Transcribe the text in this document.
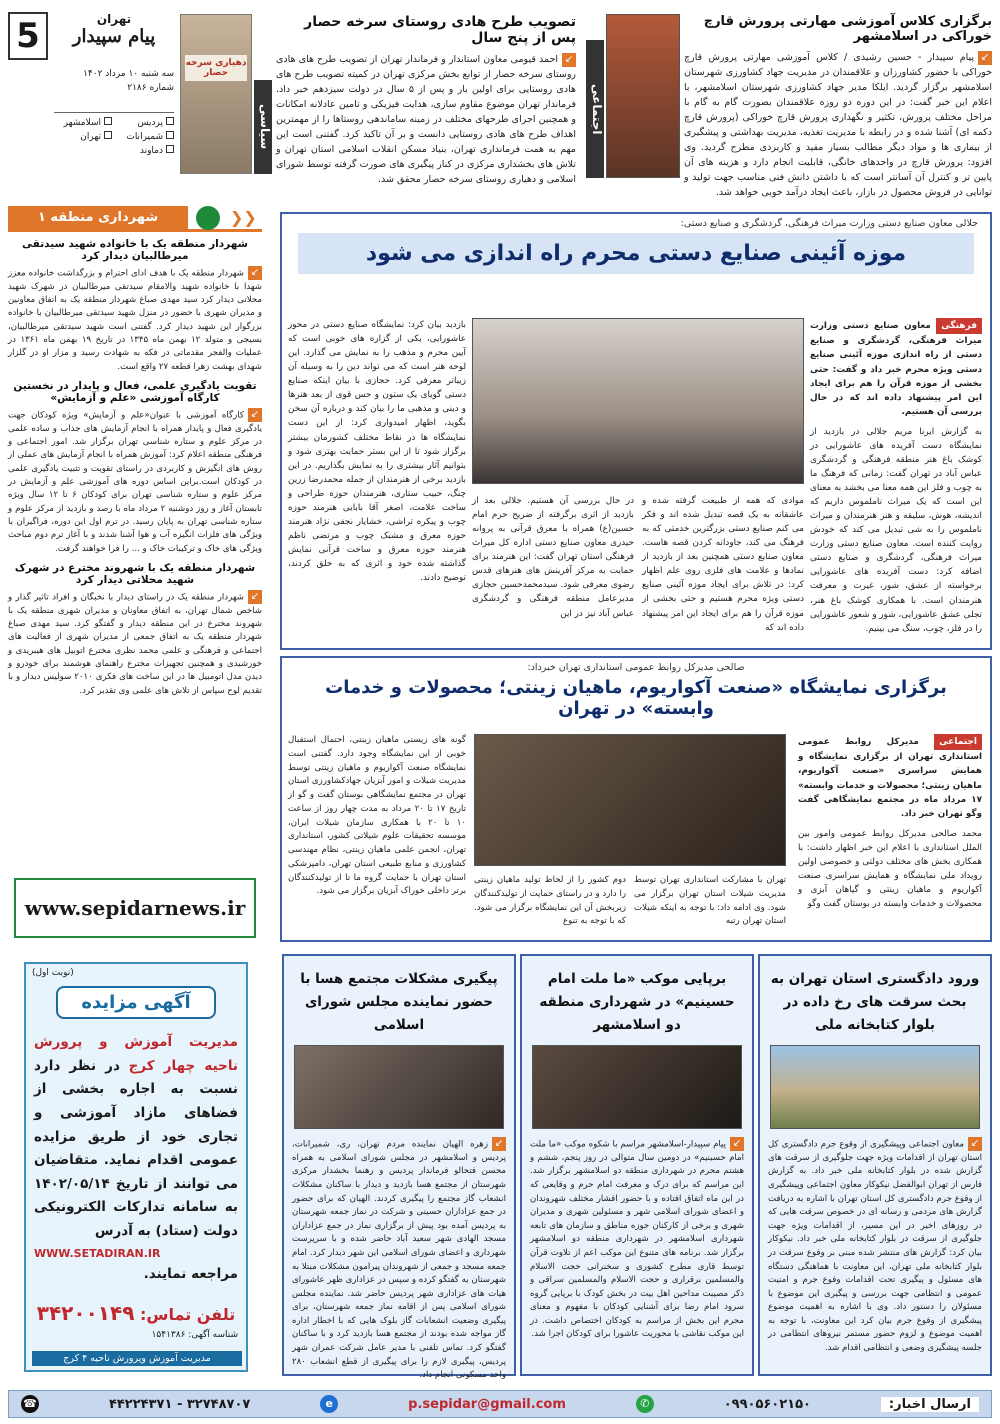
5	تهران
پیام سپیدار
سه شنبه ۱۰ مرداد ۱۴۰۲
شماره ۲۱۸۶
پردیس
اسلامشهر
شمیرانات
تهران
دماوند
دهیاری سرخه حصار
سیاسی
تصویب طرح هادی روستای سرخه حصار پس از پنج سال
↙احمد قیومی معاون استاندار و فرماندار تهران از تصویب طرح های هادی روستای سرخه حصار از توابع بخش مرکزی تهران در کمیته تصویب طرح های هادی روستایی برای اولین بار و پس از ۵ سال در دولت سیزدهم خبر داد. فرماندار تهران موضوع مقاوم سازی، هدایت فیزیکی و تامین عادلانه امکانات و همچنین اجرای طرحهای مختلف در زمینه ساماندهی روستاها را از مهمترین اهداف طرح های هادی روستایی دانست و بر آن تاکید کرد. گفتنی است این مهم به همت فرمانداری تهران، بنیاد مسکن انقلاب اسلامی استان تهران و تلاش های بخشداری مرکزی در کنار پیگیری های صورت گرفته توسط شورای اسلامی و دهیاری روستای سرخه حصار محقق شد.
برگزاری کلاس آموزشی مهارتی پرورش قارچ خوراکی در اسلامشهر
↙پیام سپیدار - حسین رشیدی / کلاس آموزشی مهارتی پرورش قارچ خوراکی با حضور کشاورزان و علاقمندان در مدیریت جهاد کشاورزی شهرستان اسلامشهر برگزار گردید. ایلکا مدیر جهاد کشاورزی شهرستان اسلامشهر، با اعلام این خبر گفت: در این دوره دو روزه علاقمندان بصورت گام به گام با مراحل مختلف پرورش، تکثیر و نگهداری پرورش قارچ خوراکی (پرورش قارچ دکمه ای) آشنا شده و در رابطه با مدیریت تغذیه، مدیریت بهداشتی و پیشگیری از بیماری ها و مواد دیگر مطالب بسیار مفید و کاربردی مطرح گردید. وی افزود: پرورش قارچ در واحدهای خانگی، قابلیت انجام دارد و هزینه های آن پایین تر و کنترل آن آسانتر است که با داشتن دانش فنی مناسب جهت تولید و توانایی در فروش محصول در بازار، باعث ایجاد درآمد خوبی خواهد شد.
اجتماعی
شهرداری منطقه ۱	❮❮
شهردار منطقه یک با خانواده شهید سیدتقی میرطالبیان دیدار کرد
↙شهردار منطقه یک با هدف ادای احترام و بزرگداشت خانواده معزز شهدا با خانواده شهید والامقام سیدتقی میرطالبیان در شهرک شهید محلاتی دیدار کرد سید مهدی صباغ شهردار منطقه یک به اتفاق معاونین و مدیران شهری با حضور در منزل شهید سیدتقی میرطالبیان با خانواده بزرگوار این شهید دیدار کرد. گفتنی است شهید سیدتقی میرطالبیان، بسیجی و متولد ۱۲ بهمن ماه ۱۳۴۵ در تاریخ ۱۹ بهمن ماه ۱۳۶۱ در عملیات والفجر مقدماتی در فکه به شهادت رسید و مزار او در گلزار شهدای بهشت زهرا قطعه ۲۷ واقع است.
تقویت یادگیری علمی، فعال و پایدار در نخستین کارگاه آموزشی «علم و آزمایش»
↙کارگاه آموزشی با عنوان«علم و آزمایش» ویژه کودکان جهت یادگیری فعال و پایدار همراه با انجام آزمایش های جذاب و ساده علمی در مرکز علوم و ستاره شناسی تهران برگزار شد. امور اجتماعی و فرهنگی منطقه اعلام کرد: آموزش همراه با انجام آزمایش های عملی از روش های انگیزش و کاربردی در راستای تقویت و تثبیت یادگیری علمی در کودکان است.براین اساس دوره های آموزشی علم و آزمایش در مرکز علوم و ستاره شناسی تهران برای کودکان ۶ تا ۱۲ سال ویژه تابستان آغاز و روز دوشنبه ۲ مرداد ماه با رصد و بازدید از مرکز علوم و ستاره شناسی تهران به پایان رسید. در ترم اول این دوره، فراگیران با ویژگی های فلزات انگیزه آب و هوا آشنا شدند و با آغاز ترم دوم مباحث ویژگی های خاک و ترکیبات خاک و ... را فرا خواهند گرفت.
شهردار منطقه یک با شهروند مخترع در شهرک شهید محلاتی دیدار کرد
↙شهردار منطقه یک در راستای دیدار با نخبگان و افراد تاثیر گذار و شاخص شمال تهران، به اتفاق معاونان و مدیران شهری منطقه یک با شهروند مخترع در این منطقه دیدار و گفتگو کرد. سید مهدی صباغ شهردار منطقه یک به اتفاق جمعی از مدیران شهری از فعالیت های اجتماعی و فرهنگی و علمی محمد نظری مخترع اتوبیل های هیبریدی و خورشیدی و همچنین تجهیزات مخترع راهنمای هوشمند برای خودرو و دیدن مدل اتومبیل ها در این ساخت های فکری ۲۰۱۰ سولیس دیدار و با تقدیم لوح سپاس از تلاش های علمی وی تقدیر کرد.
www.sepidarnews.ir
(نوبت اول)
آگهی مزایده
مدیریت آموزش و پرورش ناحیه چهار کرج در نظر دارد نسبت به اجاره بخشی از فضاهای مازاد آموزشی و تجاری خود از طریق مزایده عمومی اقدام نماید. متقاضیان می توانند از تاریخ ۱۴۰۲/۰۵/۱۴ به سامانه تدارکات الکترونیکی دولت (ستاد) به آدرس
WWW.SETADIRAN.IR
مراجعه نمایند.
تلفن تماس: ۳۴۲۰۰۱۴۹
شناسه آگهی: ۱۵۴۱۳۸۶
مدیریت آموزش وپرورش ناحیه ۴ کرج
جلالی معاون صنایع دستی وزارت میراث فرهنگی، گردشگری و صنایع دستی:
موزه آئینی صنایع دستی محرم راه اندازی می شود
فرهنگی معاون صنایع دستی وزارت میراث فرهنگی، گردشگری و صنایع دستی از راه اندازی موزه آئینی صنایع دستی ویژه محرم خبر داد و گفت: حتی بخشی از موزه قرآن را هم برای ایجاد این امر پیشنهاد داده اند که در حال بررسی آن هستیم.
به گزارش ایرنا مریم جلالی در بازدید از نمایشگاه دست آفریده های عاشورایی در کوشک باغ هنر منطقه فرهنگی و گردشگری عباس آباد در تهران گفت: زمانی که فرهنگ ما به چوب و فلز این همه معنا می بخشد به معنای این است که یک میراث ناملموس داریم که اندیشه، هوش، سلیقه و هنر هنرمندان و میراث ناملموس را به شی تبدیل می کند که خودش روایت کننده است. معاون صنایع دستی وزارت میراث فرهنگی، گردشگری و صنایع دستی اضافه کرد: دست آفریده های عاشورایی برخواسته از عشق، شور، غیرت و معرفت هنرمندان است. با همکاری کوشک باغ هنر، تجلی عشق عاشورایی، شور و شعور عاشورایی را در فلز، چوب، سنگ می بینیم.
موادی که همه از طبیعت گرفته شده و عاشقانه به یک قصه تبدیل شده اند و فکر می کنم صنایع دستی بزرگترین خدمتی که به فرهنگ می کند، جاودانه کردن قصه هاست. معاون صنایع دستی همچنین بعد از بازدید از نمادها و علامت های فلزی روی علم اظهار کرد: در تلاش برای ایجاد موزه آئینی صنایع دستی ویژه محرم هستیم و حتی بخشی از موزه قرآن را هم برای ایجاد این امر پیشنهاد داده اند که
در حال بررسی آن هستیم. جلالی بعد از بازدید از اثری برگرفته از ضریح حرم امام حسین(ع) همراه با معرق قرآنی به پروانه حیدری معاون صنایع دستی اداره کل میراث فرهنگی استان تهران گفت: این هنرمند برای حمایت به مرکز آفرینش های هنرهای قدس رضوی معرفی شود. سیدمحمدحسین حجازی مدیرعامل منطقه فرهنگی و گردشگری عباس آباد نیز در این
بازدید بیان کرد: نمایشگاه صنایع دستی در محور عاشورایی، یکی از گزاره های خوبی است که آیین محرم و مذهب را به نمایش می گذارد. این لوحه هنر است که می تواند دین را به وسیله آن زیباتر معرفی کرد. حجازی با بیان اینکه صنایع دستی گویای یک ستون و حس قوی از بعد هنرها و دینی و مذهبی ما را بیان کند و درباره آن سخن بگوید، اظهار امیدواری کرد: از این دست نمایشگاه ها در نقاط مختلف کشورمان بیشتر برگزار شود تا از این بستر حمایت بهتری شود و بتوانیم آثار بیشتری را به نمایش بگذاریم. در این بازدید برخی از هنرمندان از جمله محمدرضا زرین چنگ، حبیب ستاری، هنرمندان حوزه طراحی و ساخت علامت، اصغر آقا بابایی هنرمند حوزه چوب و پیکره تراشی، خشایار نجفی نژاد هنرمند حوزه معرق و مشبک چوب و مرتضی ناظم هنرمند حوزه معرق و ساخت قرآنی نمایش گذاشته شده خود و اثری که به خلق کردند، توضیح دادند.
صالحی مدیرکل روابط عمومی استانداری تهران خبرداد:
برگزاری نمایشگاه «صنعت آکواریوم، ماهیان زینتی؛ محصولات و خدمات وابسته» در تهران
اجتماعی مدیرکل روابط عمومی استانداری تهران از برگزاری نمایشگاه و همایش سراسری «صنعت آکواریوم، ماهیان زینتی؛ محصولات و خدمات وابسته» ۱۷ مرداد ماه در مجتمع نمایشگاهی گفت وگو تهران خبر داد.
محمد صالحی مدیرکل روابط عمومی وامور بین الملل استانداری با اعلام این خبر اظهار داشت: با همکاری بخش های مختلف دولتی و خصوصی اولین رویداد ملی نمایشگاه و همایش سراسری صنعت آکواریوم و ماهیان زینتی و گیاهان آبزی و محصولات و خدمات وابسته در بوستان گفت وگو
تهران با مشارکت استانداری تهران توسط مدیریت شیلات استان تهران برگزار می شود. وی ادامه داد: با توجه به اینکه شیلات استان تهران رتبه
دوم کشور را از لحاظ تولید ماهیان زینتی را دارد و در راستای حمایت از تولیدکنندگان زیربخش آن این نمایشگاه برگزار می شود. که با توجه به تنوع
گونه های زیستی ماهیان زینتی، احتمال استقبال خوبی از این نمایشگاه وجود دارد. گفتنی است نمایشگاه صنعت آکواریوم و ماهیان زینتی توسط مدیریت شیلات و امور آبزیان جهادکشاورزی استان تهران در مجتمع نمایشگاهی بوستان گفت و گو از تاریخ ۱۷ تا ۲۰ مرداد به مدت چهار روز از ساعت ۱۰ تا ۲۰ با همکاری سازمان شیلات ایران، موسسه تحقیقات علوم شیلاتی کشور، استانداری تهران، انجمن علمی ماهیان زینتی، نظام مهندسی کشاورزی و منابع طبیعی استان تهران، دامپزشکی استان تهران با حمایت گروه ما تا از تولیدکنندگان برتر داخلی خوراک آبزیان برگزار می شود.
ورود دادگستری استان تهران به بحث سرقت های رخ داده در بلوار کتابخانه ملی
↙معاون اجتماعی وپیشگیری از وقوع جرم دادگستری کل استان تهران از اقدامات ویژه جهت جلوگیری از سرقت های گزارش شده در بلوار کتابخانه ملی خبر داد. به گزارش فارس از تهران ابوالفضل نیکوکار معاون اجتماعی وپیشگیری از وقوع جرم دادگستری کل استان تهران با اشاره به دریافت گزارش های مردمی و رسانه ای در خصوص سرقت هایی که در روزهای اخیر در این مسیر، از اقدامات ویژه جهت جلوگیری از سرقت در بلوار کتابخانه ملی خبر داد. نیکوکار بیان کرد: گزارش های منتشر شده مبنی بر وقوع سرقت در بلوار کتابخانه ملی تهران، این معاونت با هماهنگی دستگاه های مسئول و پیگیری تحت اقدامات وقوع جرم و امنیت عمومی و انتظامی جهت بررسی و پیگیری این موضوع با مسئولان را دستور داد. وی با اشاره به اهمیت موضوع پیشگیری از وقوع جرم بیان کرد این معاونت، با توجه به اهمیت موضوع و لزوم حضور مستمر نیروهای انتظامی در جلسه پیشگیری وضعی و انتظامی اقدام شد.
برپایی موکب «ما ملت امام حسینیم» در شهرداری منطقه دو اسلامشهر
↙پیام سپیدار-اسلامشهر مراسم با شکوه موکب «ما ملت امام حسینیم» در دومین سال متوالی در روز پنجم، ششم و هشتم محرم در شهرداری منطقه دو اسلامشهر برگزار شد. این مراسم که برای درک و معرفت امام حرم و وقایعی که در این ماه اتفاق افتاده و با حضور اقشار مختلف شهروندان و اعضای شورای اسلامی شهر و مسئولین شهری و مدیران شهری و برخی از کارکنان حوزه مناطق و سازمان های تابعه شهرداری اسلامشهر در شهرداری منطقه دو اسلامشهر برگزار شد. برنامه های متنوع این موکب اعم از تلاوت قرآن توسط قاری مطرح کشوری و سخنرانی حجت الاسلام والمسلمین برقراری و حجت الاسلام والمسلمین سراقی و ذکر مصیبت مداحین اهل بیت در بخش کودک با برپایی گروه سرود امام رضا برای آشنایی کودکان با مفهوم و معنای محرم این بخش از مراسم به کودکان اختصاص داشت. در این موکب نقاشی با محوریت عاشورا برای کودکان اجرا شد.
پیگیری مشکلات مجتمع هسا با حضور نماینده مجلس شورای اسلامی
↙زهره الهیان نماینده مردم تهران، ری، شمیرانات، پردیس و اسلامشهر در مجلس شورای اسلامی به همراه محسن فتحالو فرماندار پردیس و رهنما بخشدار مرکزی شهرستان از مجتمع هسا بازدید و دیدار با ساکنان مشکلات انشعاب گاز مجتمع را پیگیری کردند. الهیان که برای حضور در جمع عزاداران حسینی و شرکت در نماز جمعه شهرستان به پردیس آمده بود پیش از برگزاری نماز در جمع عزاداران مسجد الهادی شهر سعید آباد حاضر شده و با سرپرست شهرداری و اعضای شورای اسلامی این شهر دیدار کرد. امام جمعه مسجد و جمعی از شهروندان پیرامون مشکلات مبتلا به شهرستان به گفتگو کرده و سپس در عزاداری ظهر عاشورای هیات های عزاداری شهر پردیس حاضر شد. نماینده مجلس شورای اسلامی پس از اقامه نماز جمعه شهرستان، برای پیگیری وضعیت انشعابات گاز بلوک هایی که با اخطار اداره گاز مواجه شده بودند از مجتمع هسا بازدید کرد و با ساکنان گفتگو کرد. تماس تلفنی با مدیر عامل شرکت عمران شهر پردیس، پیگیری لازم را برای پیگیری از قطع انشعاب ۲۸۰ واحد مسکونی انجام داد.
ارسال اخبار:
۰۹۹۰۵۶۰۲۱۵۰
✆
p.sepidar@gmail.com
e
۳۲۷۴۸۷۰۷ - ۴۴۲۲۴۳۷۱
☎
